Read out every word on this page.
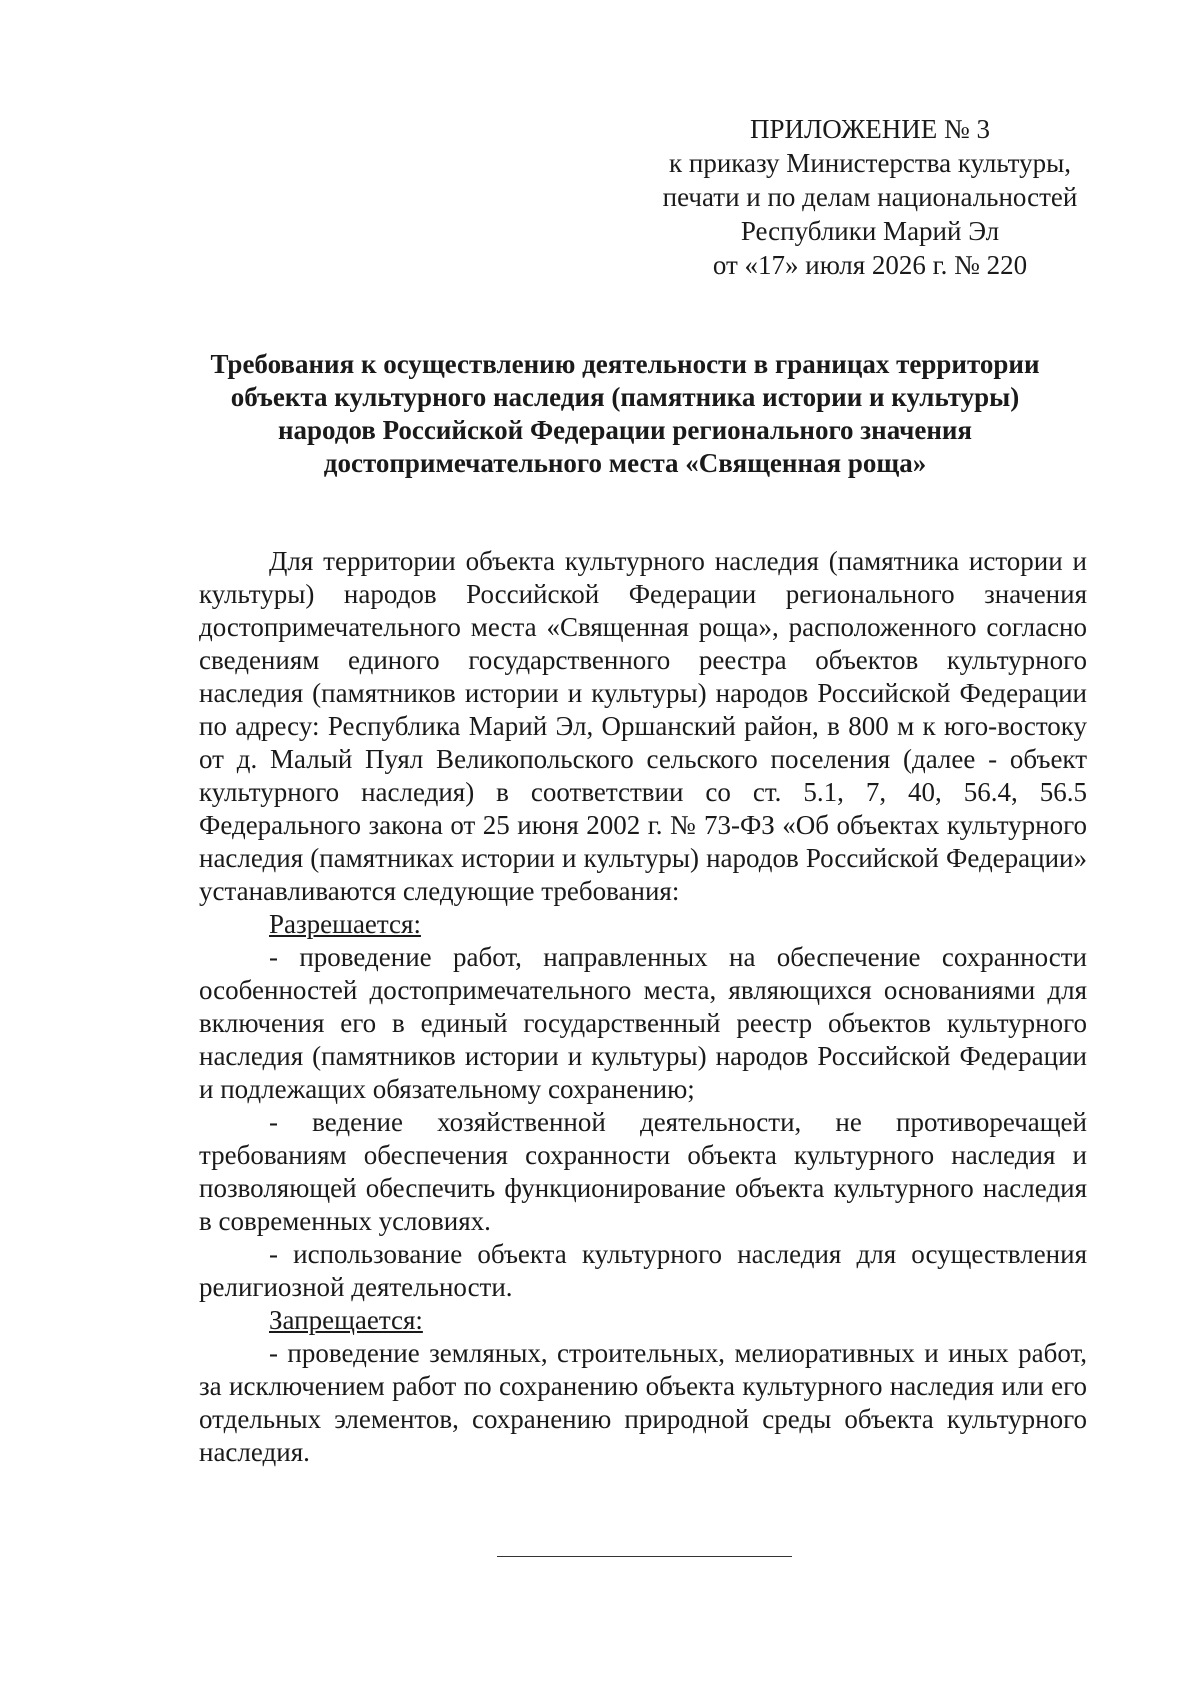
ПРИЛОЖЕНИЕ № 3
к приказу Министерства культуры,
печати и по делам национальностей
Республики Марий Эл
от «17» июля 2026 г. № 220
Требования к осуществлению деятельности в границах территории
объекта культурного наследия (памятника истории и культуры)
народов Российской Федерации регионального значения
достопримечательного места «Священная роща»

Для территории объекта культурного наследия (памятника истории и культуры) народов Российской Федерации регионального значения достопримечательного места «Священная роща», расположенного согласно сведениям единого государственного реестра объектов культурного наследия (памятников истории и культуры) народов Российской Федерации по адресу: Республика Марий Эл, Оршанский район, в 800 м к юго-востоку от д. Малый Пуял Великопольского сельского поселения (далее - объект культурного наследия) в соответствии со ст. 5.1, 7, 40, 56.4, 56.5 Федерального закона от 25 июня 2002 г. № 73-ФЗ «Об объектах культурного наследия (памятниках истории и культуры) народов Российской Федерации» устанавливаются следующие требования:

Разрешается:

- проведение работ, направленных на обеспечение сохранности особенностей достопримечательного места, являющихся основаниями для включения его в единый государственный реестр объектов культурного наследия (памятников истории и культуры) народов Российской Федерации и подлежащих обязательному сохранению;

- ведение хозяйственной деятельности, не противоречащей требованиям обеспечения сохранности объекта культурного наследия и позволяющей обеспечить функционирование объекта культурного наследия в современных условиях.

- использование объекта культурного наследия для осуществления религиозной деятельности.

Запрещается:

- проведение земляных, строительных, мелиоративных и иных работ, за исключением работ по сохранению объекта культурного наследия или его отдельных элементов, сохранению природной среды объекта культурного наследия.
